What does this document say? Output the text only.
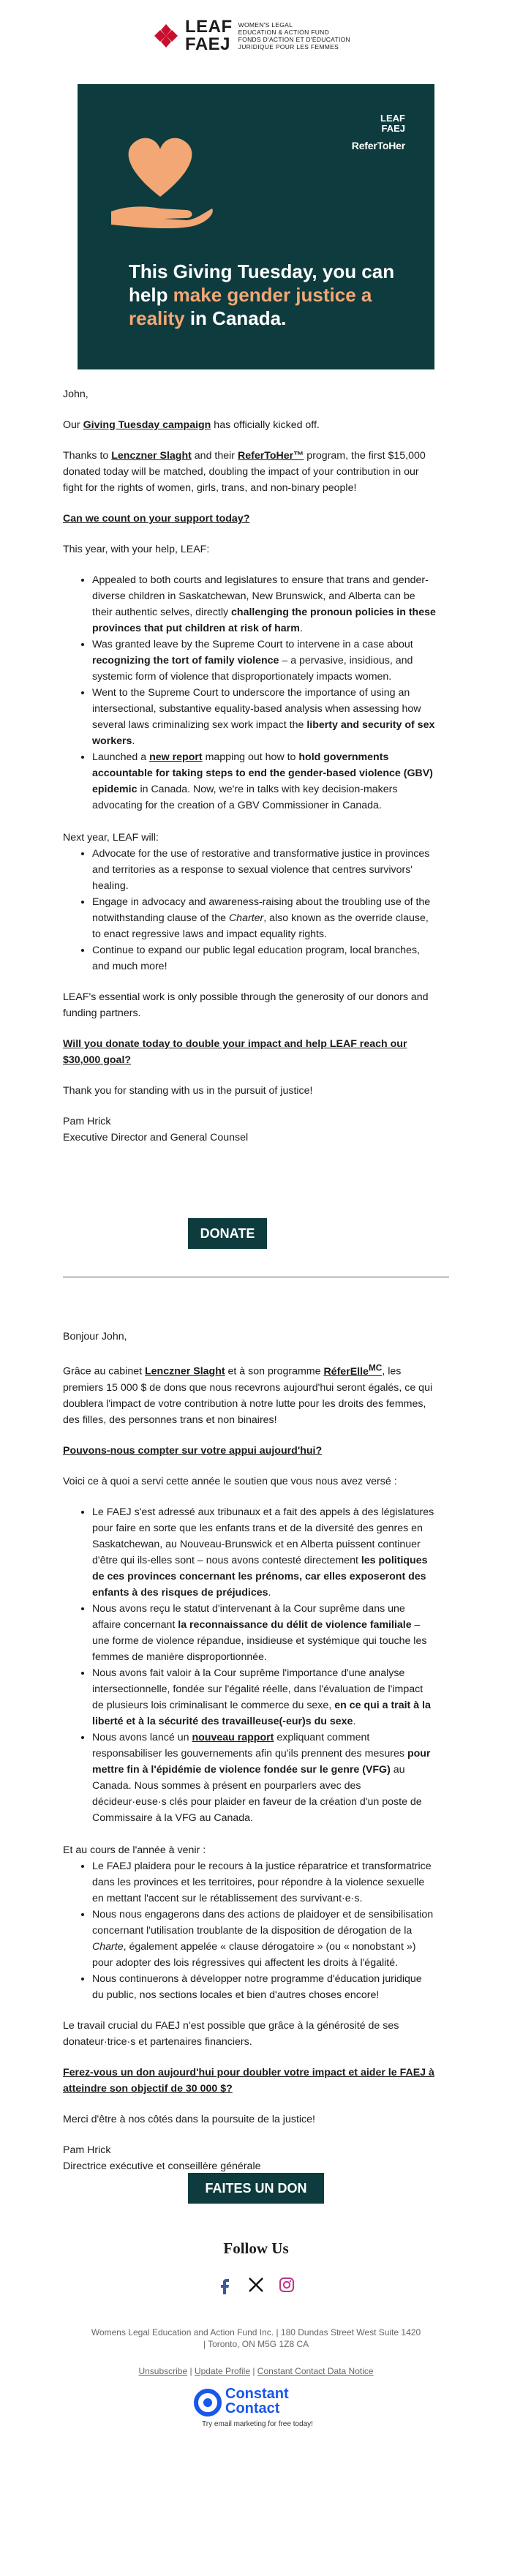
LEAF
FAEJ
WOMEN'S LEGAL
EDUCATION & ACTION FUND
FONDS D'ACTION ET D'ÉDUCATION
JURIDIQUE POUR LES FEMMES
LEAF
FAEJ
ReferToHer
This Giving Tuesday, you can help make gender justice a reality in Canada.

John,

Our Giving Tuesday campaign has officially kicked off.

Thanks to Lenczner Slaght and their ReferToHer™ program, the first $15,000 donated today will be matched, doubling the impact of your contribution in our fight for the rights of women, girls, trans, and non-binary people!

Can we count on your support today?

This year, with your help, LEAF:

• Appealed to both courts and legislatures to ensure that trans and gender-diverse children in Saskatchewan, New Brunswick, and Alberta can be their authentic selves, directly challenging the pronoun policies in these provinces that put children at risk of harm.
• Was granted leave by the Supreme Court to intervene in a case about recognizing the tort of family violence – a pervasive, insidious, and systemic form of violence that disproportionately impacts women.
• Went to the Supreme Court to underscore the importance of using an intersectional, substantive equality-based analysis when assessing how several laws criminalizing sex work impact the liberty and security of sex workers.
• Launched a new report mapping out how to hold governments accountable for taking steps to end the gender-based violence (GBV) epidemic in Canada. Now, we're in talks with key decision-makers advocating for the creation of a GBV Commissioner in Canada.

Next year, LEAF will:

• Advocate for the use of restorative and transformative justice in provinces and territories as a response to sexual violence that centres survivors' healing.
• Engage in advocacy and awareness-raising about the troubling use of the notwithstanding clause of the Charter, also known as the override clause, to enact regressive laws and impact equality rights.
• Continue to expand our public legal education program, local branches, and much more!

LEAF's essential work is only possible through the generosity of our donors and funding partners.

Will you donate today to double your impact and help LEAF reach our $30,000 goal?

Thank you for standing with us in the pursuit of justice!

Pam Hrick

Executive Director and General Counsel

DONATE

Bonjour John,

Grâce au cabinet Lenczner Slaght et à son programme RéferElle$^{MC}$, les premiers 15 000 $ de dons que nous recevrons aujourd'hui seront égalés, ce qui doublera l'impact de votre contribution à notre lutte pour les droits des femmes, des filles, des personnes trans et non binaires!

Pouvons-nous compter sur votre appui aujourd'hui?

Voici ce à quoi a servi cette année le soutien que vous nous avez versé :

• Le FAEJ s'est adressé aux tribunaux et a fait des appels à des législatures pour faire en sorte que les enfants trans et de la diversité des genres en Saskatchewan, au Nouveau-Brunswick et en Alberta puissent continuer d'être qui ils-elles sont – nous avons contesté directement les politiques de ces provinces concernant les prénoms, car elles exposeront des enfants à des risques de préjudices.
• Nous avons reçu le statut d'intervenant à la Cour suprême dans une affaire concernant la reconnaissance du délit de violence familiale – une forme de violence répandue, insidieuse et systémique qui touche les femmes de manière disproportionnée.
• Nous avons fait valoir à la Cour suprême l'importance d'une analyse intersectionnelle, fondée sur l'égalité réelle, dans l'évaluation de l'impact de plusieurs lois criminalisant le commerce du sexe, en ce qui a trait à la liberté et à la sécurité des travailleuse(-eur)s du sexe.
• Nous avons lancé un nouveau rapport expliquant comment responsabiliser les gouvernements afin qu'ils prennent des mesures pour mettre fin à l'épidémie de violence fondée sur le genre (VFG) au Canada. Nous sommes à présent en pourparlers avec des décideur·euse·s clés pour plaider en faveur de la création d'un poste de Commissaire à la VFG au Canada.

Et au cours de l'année à venir :

• Le FAEJ plaidera pour le recours à la justice réparatrice et transformatrice dans les provinces et les territoires, pour répondre à la violence sexuelle en mettant l'accent sur le rétablissement des survivant·e·s.
• Nous nous engagerons dans des actions de plaidoyer et de sensibilisation concernant l'utilisation troublante de la disposition de dérogation de la Charte, également appelée « clause dérogatoire » (ou « nonobstant ») pour adopter des lois régressives qui affectent les droits à l'égalité.
• Nous continuerons à développer notre programme d'éducation juridique du public, nos sections locales et bien d'autres choses encore!

Le travail crucial du FAEJ n'est possible que grâce à la générosité de ses donateur·trice·s et partenaires financiers.

Ferez-vous un don aujourd'hui pour doubler votre impact et aider le FAEJ à atteindre son objectif de 30 000 $?

Merci d'être à nos côtés dans la poursuite de la justice!

Pam Hrick

Directrice exécutive et conseillère générale

FAITES UN DON
Follow Us
Womens Legal Education and Action Fund Inc. | 180 Dundas Street West Suite 1420
| Toronto, ON M5G 1Z8 CA
Unsubscribe | Update Profile | Constant Contact Data Notice
Constant
Contact
Try email marketing for free today!
